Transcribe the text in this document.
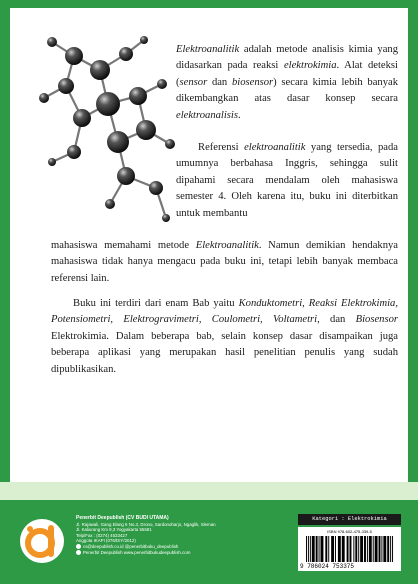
Elektroanalitik adalah metode analisis kimia yang didasarkan pada reaksi elektrokimia. Alat deteksi (sensor dan biosensor) secara kimia lebih banyak dikembangkan atas dasar konsep secara elektroanalisis.
Referensi elektroanalitik yang tersedia, pada umumnya berbahasa Inggris, sehingga sulit dipahami secara mendalam oleh mahasiswa semester 4. Oleh karena itu, buku ini diterbitkan untuk membantu
mahasiswa memahami metode Elektroanalitik. Namun demikian hendaknya mahasiswa tidak hanya mengacu pada buku ini, tetapi lebih banyak membaca referensi lain.
Buku ini terdiri dari enam Bab yaitu Konduktometri, Reaksi Elektrokimia, Potensiometri, Elektrogravimetri, Coulometri, Voltametri, dan Biosensor Elektrokimia. Dalam beberapa bab, selain konsep dasar disampaikan juga beberapa aplikasi yang merupakan hasil penelitian penulis yang sudah dipublikasikan.
Penerbit Deepublish (CV BUDI UTAMA)
Jl. Rajawali, Gang Elang 6 No.3, Drono, Sardonoharjo, Ngaglik, Sleman
Jl. Kaliurang Km 9,3 Yogyakarta 55581
Telp/Fax : (0274) 4533427
Anggota IKAPI (076/DIY/2012)
cs@deepublish.co.id @penerbitbuku_deepublish
Penerbit Deepublish www.penerbitbukudeepublish.com
Kategori : Elektrokimia
ISBN 978-602-475-339-5
9 786024 753375
